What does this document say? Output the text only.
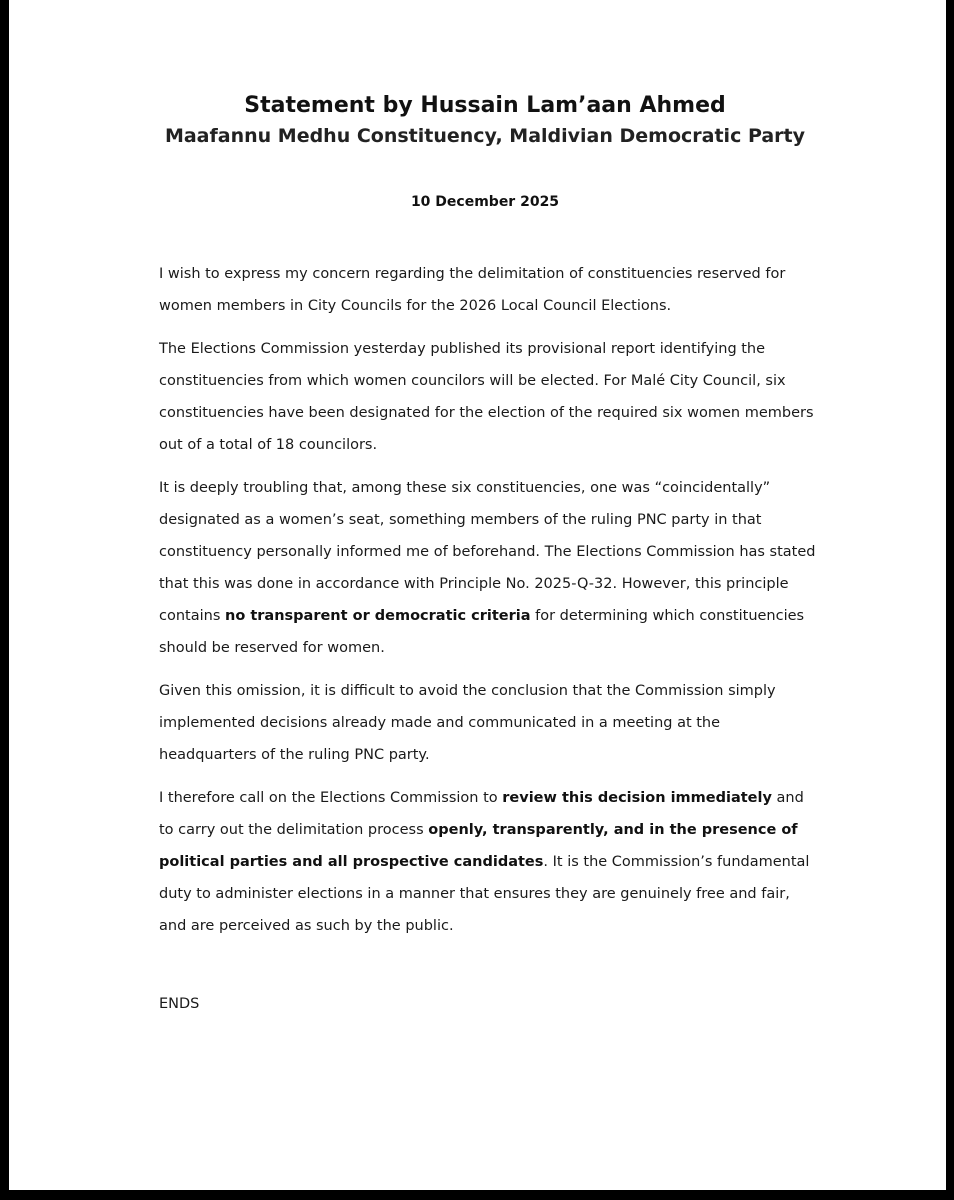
Statement by Hussain Lam’aan Ahmed
Maafannu Medhu Constituency, Maldivian Democratic Party
10 December 2025

I wish to express my concern regarding the delimitation of constituencies reserved for women members in City Councils for the 2026 Local Council Elections.

The Elections Commission yesterday published its provisional report identifying the constituencies from which women councilors will be elected. For Malé City Council, six constituencies have been designated for the election of the required six women members out of a total of 18 councilors.

It is deeply troubling that, among these six constituencies, one was “coincidentally” designated as a women’s seat, something members of the ruling PNC party in that constituency personally informed me of beforehand. The Elections Commission has stated that this was done in accordance with Principle No. 2025-Q-32. However, this principle contains no transparent or democratic criteria for determining which constituencies should be reserved for women.

Given this omission, it is difficult to avoid the conclusion that the Commission simply implemented decisions already made and communicated in a meeting at the headquarters of the ruling PNC party.

I therefore call on the Elections Commission to review this decision immediately and to carry out the delimitation process openly, transparently, and in the presence of political parties and all prospective candidates. It is the Commission’s fundamental duty to administer elections in a manner that ensures they are genuinely free and fair, and are perceived as such by the public.

ENDS
